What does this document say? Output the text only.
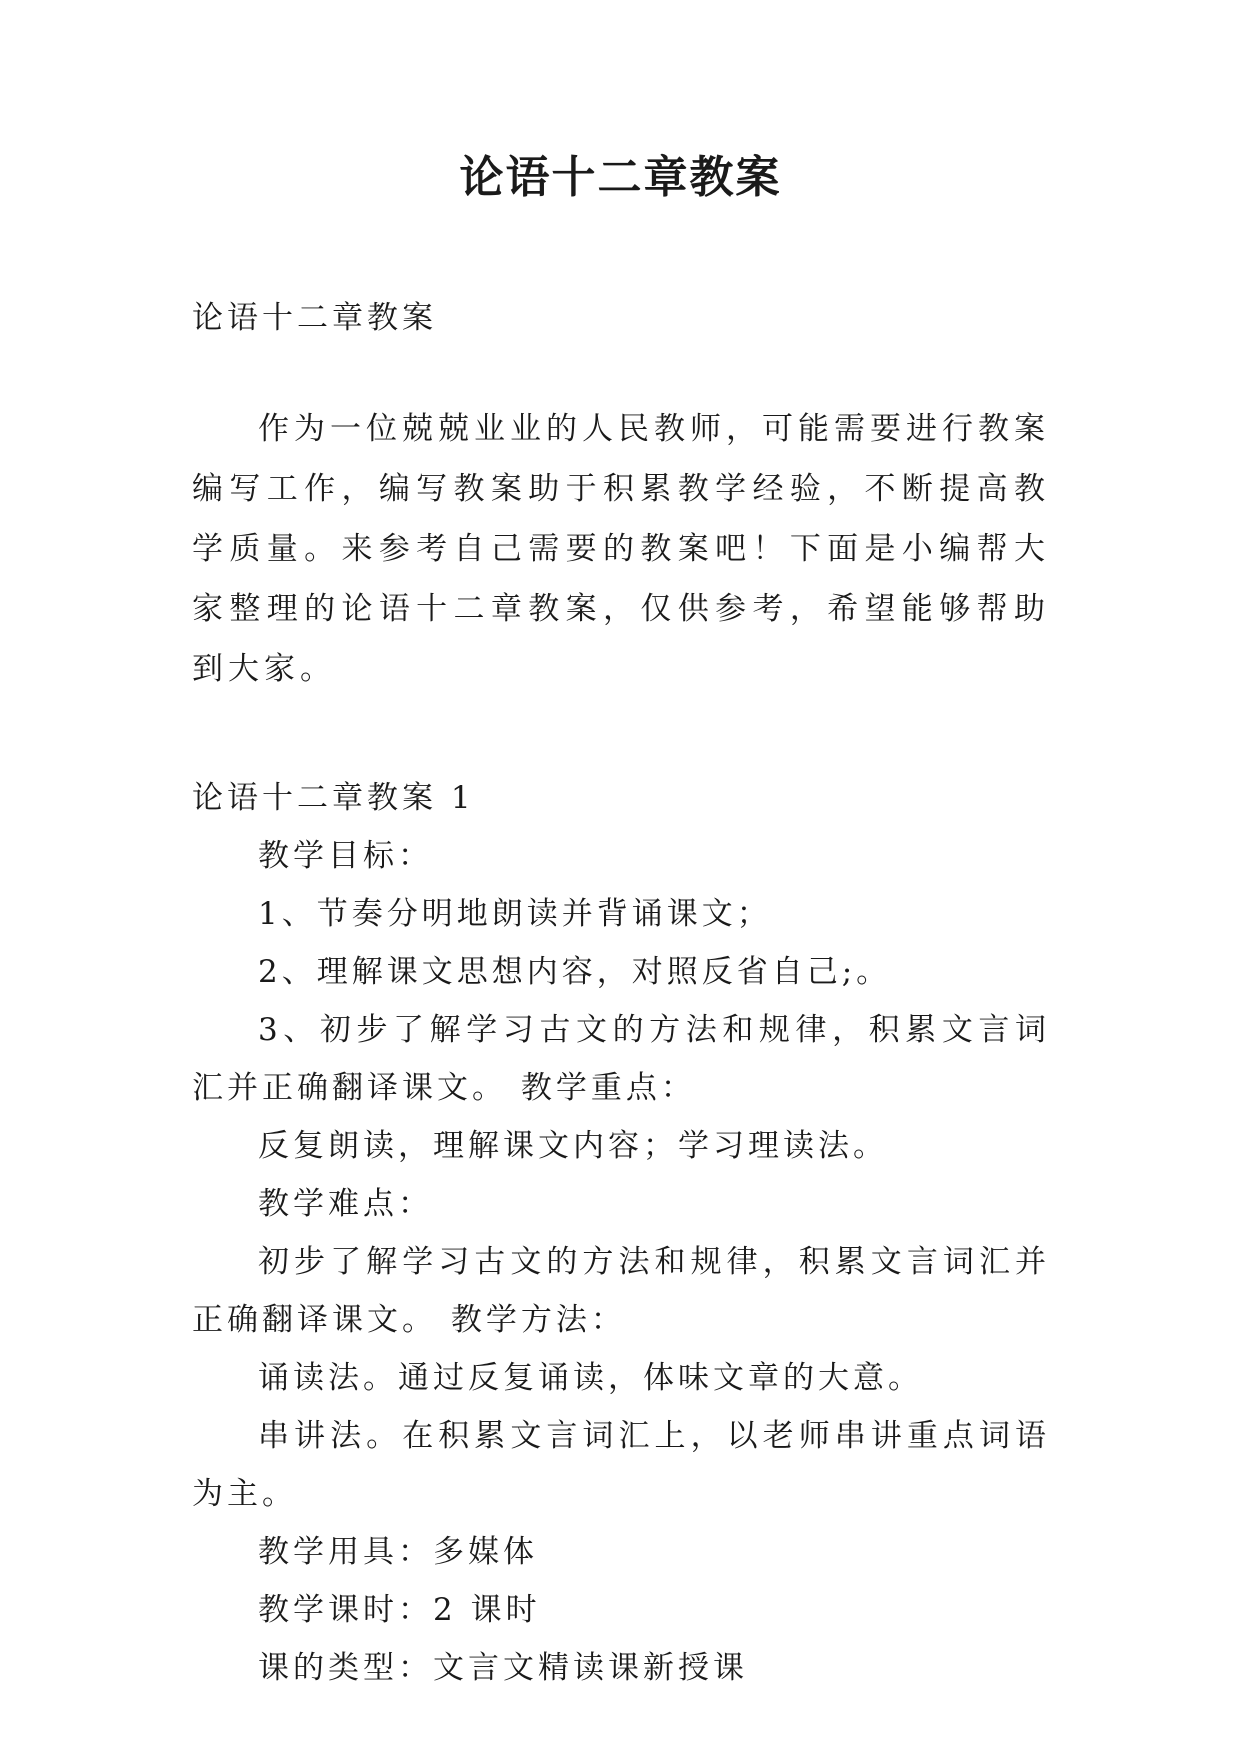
论语十二章教案

论语十二章教案

作为一位兢兢业业的人民教师，可能需要进行教案编写工作，编写教案助于积累教学经验，不断提高教学质量。来参考自己需要的教案吧！下面是小编帮大家整理的论语十二章教案，仅供参考，希望能够帮助到大家。

论语十二章教案 1

教学目标：

1、节奏分明地朗读并背诵课文；

2、理解课文思想内容，对照反省自己;。

3、初步了解学习古文的方法和规律，积累文言词汇并正确翻译课文。 教学重点：

反复朗读，理解课文内容；学习理读法。

教学难点：

初步了解学习古文的方法和规律，积累文言词汇并正确翻译课文。 教学方法：

诵读法。通过反复诵读，体味文章的大意。

串讲法。在积累文言词汇上，以老师串讲重点词语为主。

教学用具：多媒体

教学课时：2 课时

课的类型：文言文精读课新授课
